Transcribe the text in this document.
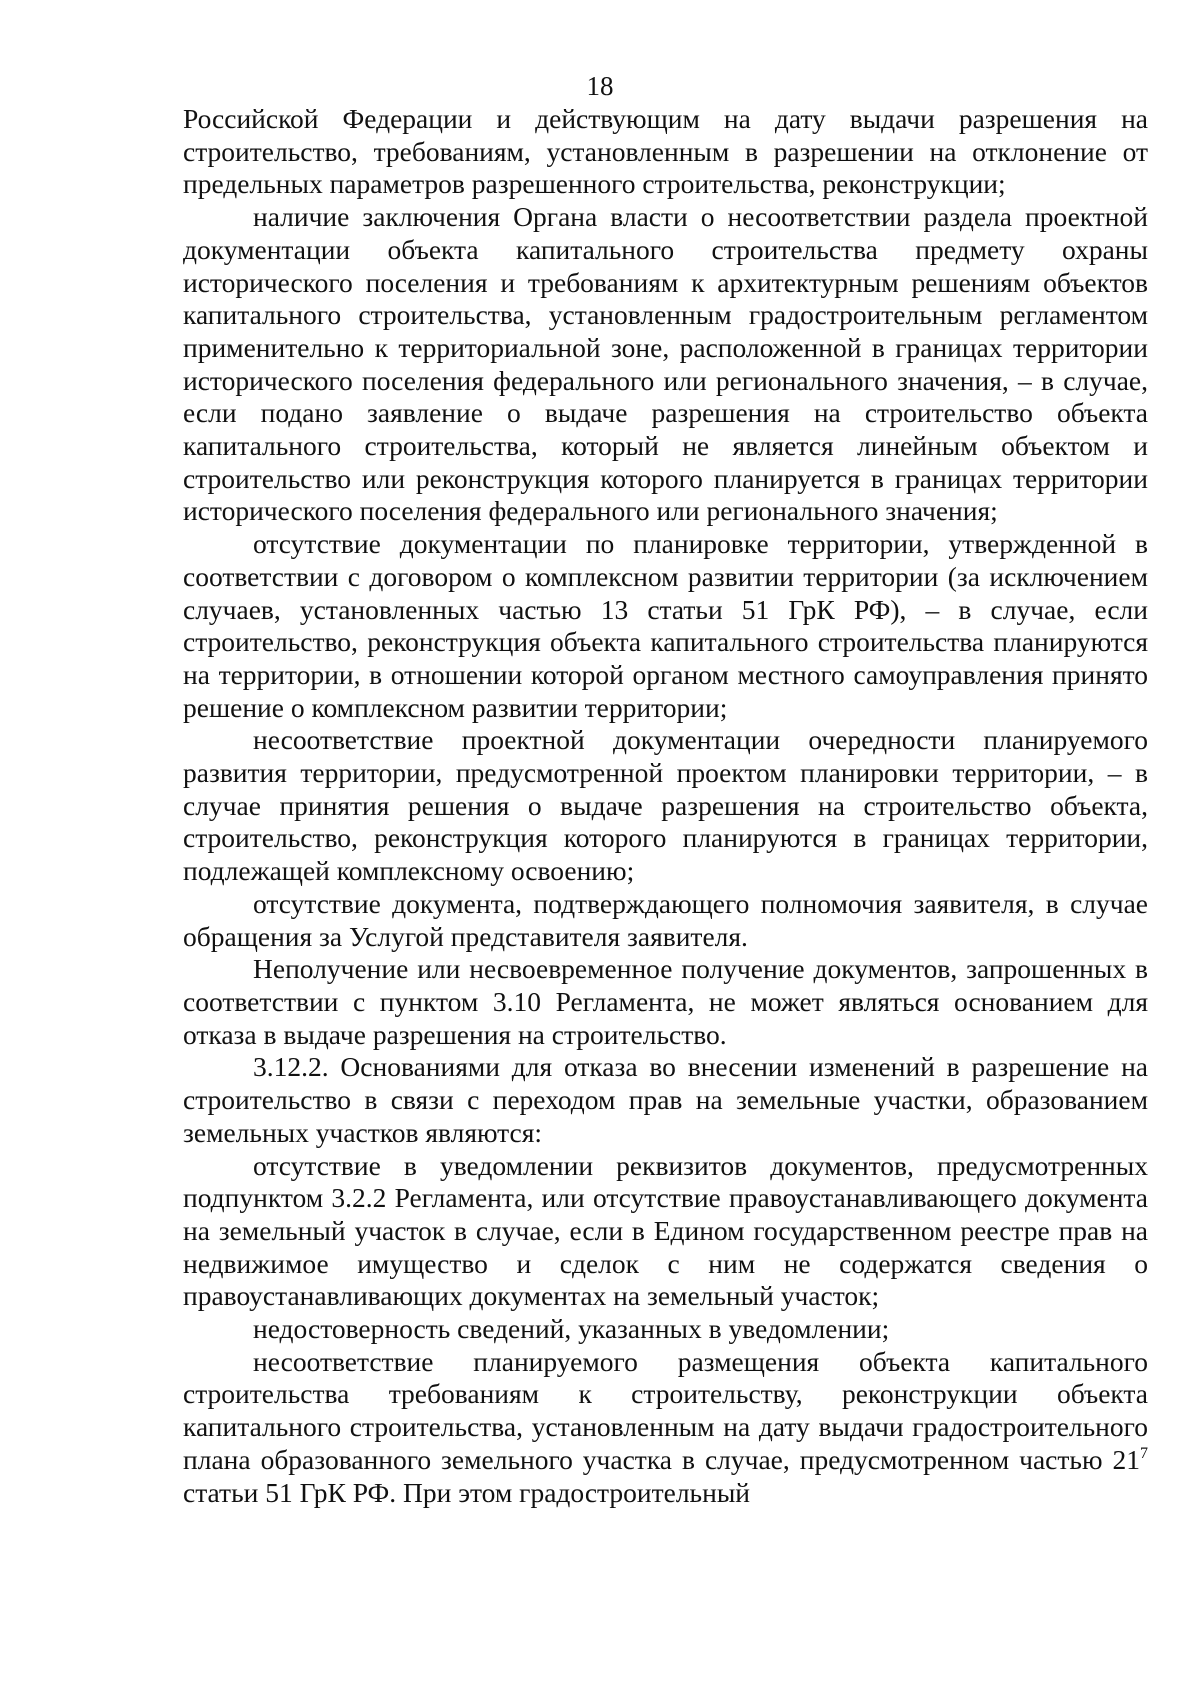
18

Российской Федерации и действующим на дату выдачи разрешения на строительство, требованиям, установленным в разрешении на отклонение от предельных параметров разрешенного строительства, реконструкции;

наличие заключения Органа власти о несоответствии раздела проектной документации объекта капитального строительства предмету охраны исторического поселения и требованиям к архитектурным решениям объектов капитального строительства, установленным градостроительным регламентом применительно к территориальной зоне, расположенной в границах территории исторического поселения федерального или регионального значения, – в случае, если подано заявление о выдаче разрешения на строительство объекта капитального строительства, который не является линейным объектом и строительство или реконструкция которого планируется в границах территории исторического поселения федерального или регионального значения;

отсутствие документации по планировке территории, утвержденной в соответствии с договором о комплексном развитии территории (за исключением случаев, установленных частью 13 статьи 51 ГрК РФ), – в случае, если строительство, реконструкция объекта капитального строительства планируются на территории, в отношении которой органом местного самоуправления принято решение о комплексном развитии территории;

несоответствие проектной документации очередности планируемого развития территории, предусмотренной проектом планировки территории, – в случае принятия решения о выдаче разрешения на строительство объекта, строительство, реконструкция которого планируются в границах территории, подлежащей комплексному освоению;

отсутствие документа, подтверждающего полномочия заявителя, в случае обращения за Услугой представителя заявителя.

Неполучение или несвоевременное получение документов, запрошенных в соответствии с пунктом 3.10 Регламента, не может являться основанием для отказа в выдаче разрешения на строительство.

3.12.2. Основаниями для отказа во внесении изменений в разрешение на строительство в связи с переходом прав на земельные участки, образованием земельных участков являются:

отсутствие в уведомлении реквизитов документов, предусмотренных подпунктом 3.2.2 Регламента, или отсутствие правоустанавливающего документа на земельный участок в случае, если в Едином государственном реестре прав на недвижимое имущество и сделок с ним не содержатся сведения о правоустанавливающих документах на земельный участок;

недостоверность сведений, указанных в уведомлении;

несоответствие планируемого размещения объекта капитального строительства требованиям к строительству, реконструкции объекта капитального строительства, установленным на дату выдачи градостроительного плана образованного земельного участка в случае, предусмотренном частью $21^7$ статьи 51 ГрК РФ. При этом градостроительный
